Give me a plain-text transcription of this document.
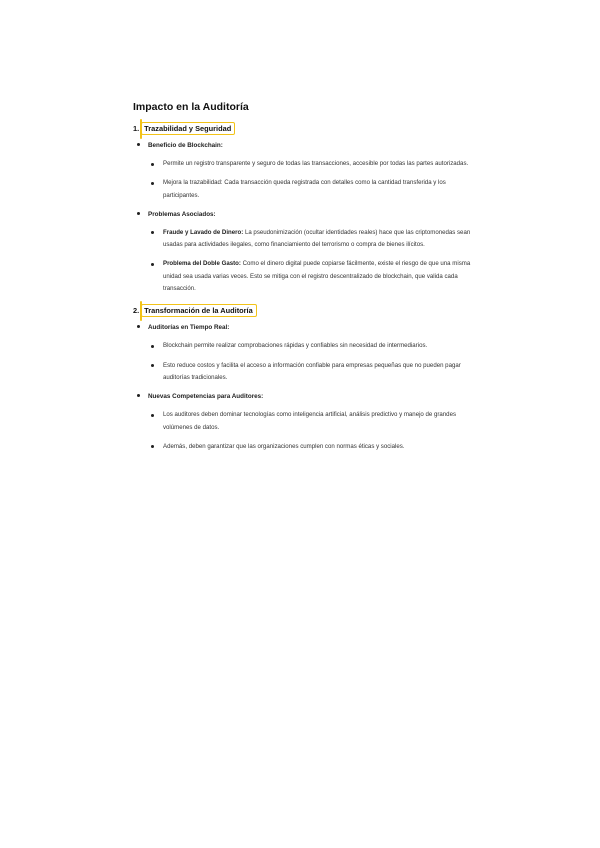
Impacto en la Auditoría
1. Trazabilidad y Seguridad
Beneficio de Blockchain:
Permite un registro transparente y seguro de todas las transacciones, accesible por todas las partes autorizadas.
Mejora la trazabilidad: Cada transacción queda registrada con detalles como la cantidad transferida y los participantes.
Problemas Asociados:
Fraude y Lavado de Dinero: La pseudonimización (ocultar identidades reales) hace que las criptomonedas sean usadas para actividades ilegales, como financiamiento del terrorismo o compra de bienes ilícitos.
Problema del Doble Gasto: Como el dinero digital puede copiarse fácilmente, existe el riesgo de que una misma unidad sea usada varias veces. Esto se mitiga con el registro descentralizado de blockchain, que valida cada transacción.
2. Transformación de la Auditoría
Auditorías en Tiempo Real:
Blockchain permite realizar comprobaciones rápidas y confiables sin necesidad de intermediarios.
Esto reduce costos y facilita el acceso a información confiable para empresas pequeñas que no pueden pagar auditorías tradicionales.
Nuevas Competencias para Auditores:
Los auditores deben dominar tecnologías como inteligencia artificial, análisis predictivo y manejo de grandes volúmenes de datos.
Además, deben garantizar que las organizaciones cumplen con normas éticas y sociales.
